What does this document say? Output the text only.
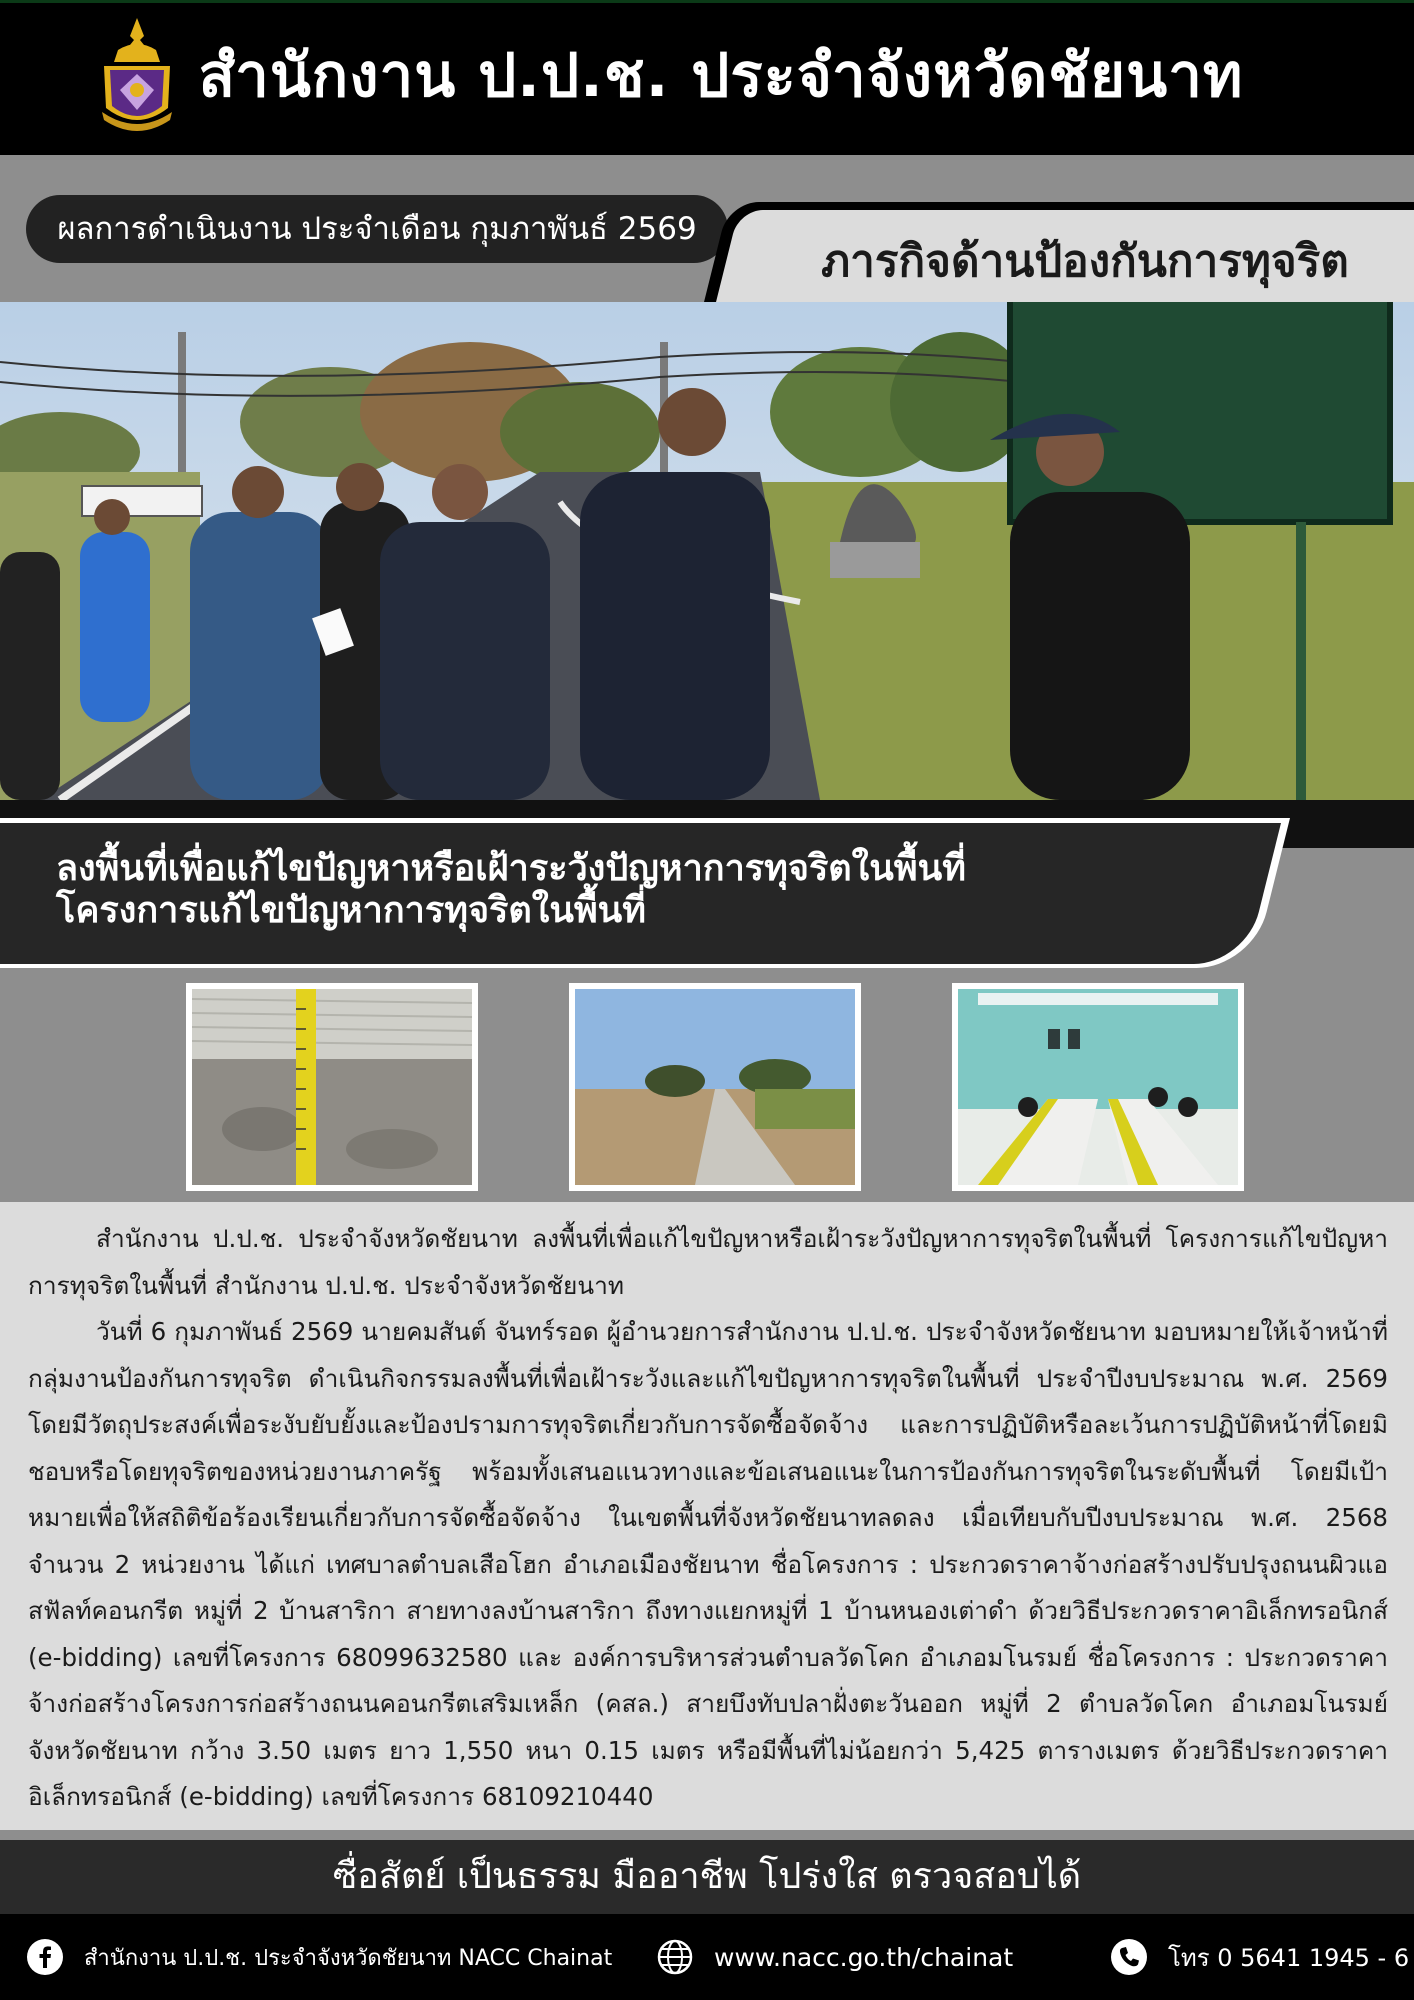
สำนักงาน ป.ป.ช. ประจำจังหวัดชัยนาท
ผลการดำเนินงาน ประจำเดือน กุมภาพันธ์ 2569
ภารกิจด้านป้องกันการทุจริต
ลงพื้นที่เพื่อแก้ไขปัญหาหรือเฝ้าระวังปัญหาการทุจริตในพื้นที่
โครงการแก้ไขปัญหาการทุจริตในพื้นที่

สำนักงาน ป.ป.ช. ประจำจังหวัดชัยนาท ลงพื้นที่เพื่อแก้ไขปัญหาหรือเฝ้าระวังปัญหาการทุจริตในพื้นที่ โครงการแก้ไขปัญหาการทุจริตในพื้นที่ สำนักงาน ป.ป.ช. ประจำจังหวัดชัยนาท

วันที่ 6 กุมภาพันธ์ 2569 นายคมสันต์ จันทร์รอด ผู้อำนวยการสำนักงาน ป.ป.ช. ประจำจังหวัดชัยนาท มอบหมายให้เจ้าหน้าที่กลุ่มงานป้องกันการทุจริต ดำเนินกิจกรรมลงพื้นที่เพื่อเฝ้าระวังและแก้ไขปัญหาการทุจริตในพื้นที่ ประจำปีงบประมาณ พ.ศ. 2569 โดยมีวัตถุประสงค์เพื่อระงับยับยั้งและป้องปรามการทุจริตเกี่ยวกับการจัดซื้อจัดจ้าง และการปฏิบัติหรือละเว้นการปฏิบัติหน้าที่โดยมิชอบหรือโดยทุจริตของหน่วยงานภาครัฐ พร้อมทั้งเสนอแนวทางและข้อเสนอแนะในการป้องกันการทุจริตในระดับพื้นที่ โดยมีเป้าหมายเพื่อให้สถิติข้อร้องเรียนเกี่ยวกับการจัดซื้อจัดจ้าง ในเขตพื้นที่จังหวัดชัยนาทลดลง เมื่อเทียบกับปีงบประมาณ พ.ศ. 2568 จำนวน 2 หน่วยงาน ได้แก่ เทศบาลตำบลเสือโฮก อำเภอเมืองชัยนาท ชื่อโครงการ : ประกวดราคาจ้างก่อสร้างปรับปรุงถนนผิวแอสฟัลท์คอนกรีต หมู่ที่ 2 บ้านสาริกา สายทางลงบ้านสาริกา ถึงทางแยกหมู่ที่ 1 บ้านหนองเต่าดำ ด้วยวิธีประกวดราคาอิเล็กทรอนิกส์ (e-bidding) เลขที่โครงการ 68099632580 และ องค์การบริหารส่วนตำบลวัดโคก อำเภอมโนรมย์ ชื่อโครงการ : ประกวดราคาจ้างก่อสร้างโครงการก่อสร้างถนนคอนกรีตเสริมเหล็ก (คสล.) สายบึงทับปลาฝั่งตะวันออก หมู่ที่ 2 ตำบลวัดโคก อำเภอมโนรมย์ จังหวัดชัยนาท กว้าง 3.50 เมตร ยาว 1,550 หนา 0.15 เมตร หรือมีพื้นที่ไม่น้อยกว่า 5,425 ตารางเมตร ด้วยวิธีประกวดราคาอิเล็กทรอนิกส์ (e-bidding) เลขที่โครงการ 68109210440

ซื่อสัตย์ เป็นธรรม มืออาชีพ โปร่งใส ตรวจสอบได้
สำนักงาน ป.ป.ช. ประจำจังหวัดชัยนาท NACC Chainat	www.nacc.go.th/chainat	โทร 0 5641 1945 - 6
